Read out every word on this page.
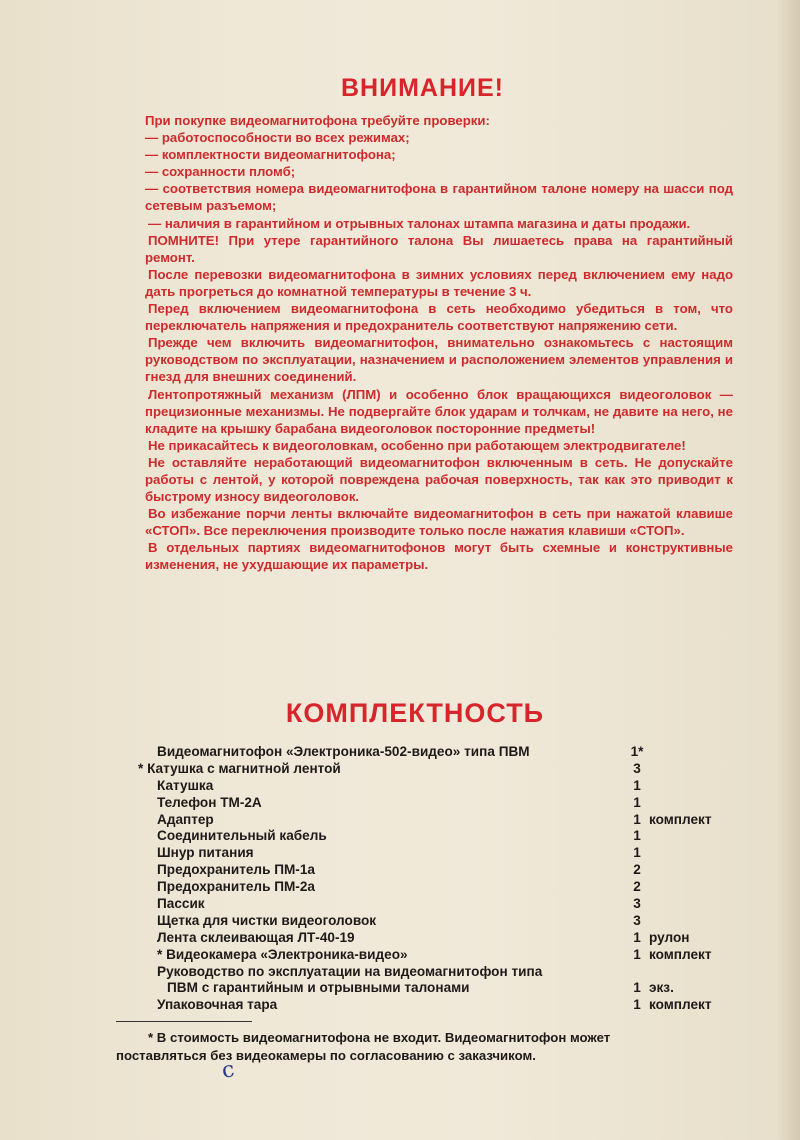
ВНИМАНИЕ!

При покупке видеомагнитофона требуйте проверки:

— работоспособности во всех режимах;

— комплектности видеомагнитофона;

— сохранности пломб;

— соответствия номера видеомагнитофона в гарантийном талоне номеру на шасси под сетевым разъемом;

— наличия в гарантийном и отрывных талонах штампа магазина и даты продажи.

ПОМНИТЕ! При утере гарантийного талона Вы лишаетесь права на гарантийный ремонт.

После перевозки видеомагнитофона в зимних условиях перед включением ему надо дать прогреться до комнатной температуры в течение 3 ч.

Перед включением видеомагнитофона в сеть необходимо убедиться в том, что переключатель напряжения и предохранитель соответствуют напряжению сети.

Прежде чем включить видеомагнитофон, внимательно ознакомьтесь с настоящим руководством по эксплуатации, назначением и расположением элементов управления и гнезд для внешних соединений.

Лентопротяжный механизм (ЛПМ) и особенно блок вращающихся видеоголовок — прецизионные механизмы. Не подвергайте блок ударам и толчкам, не давите на него, не кладите на крышку барабана видеоголовок посторонние предметы!

Не прикасайтесь к видеоголовкам, особенно при работающем электродвигателе!

Не оставляйте неработающий видеомагнитофон включенным в сеть. Не допускайте работы с лентой, у которой повреждена рабочая поверхность, так как это приводит к быстрому износу видеоголовок.

Во избежание порчи ленты включайте видеомагнитофон в сеть при нажатой клавише «СТОП». Все переключения производите только после нажатия клавиши «СТОП».

В отдельных партиях видеомагнитофонов могут быть схемные и конструктивные изменения, не ухудшающие их параметры.

КОМПЛЕКТНОСТЬ
Видеомагнитофон «Электроника-502-видео» типа ПВМ	1*
* Катушка с магнитной лентой	3
Катушка	1
Телефон ТМ-2А	1
Адаптер	1 комплект
Соединительный кабель	1
Шнур питания	1
Предохранитель ПМ-1а	2
Предохранитель ПМ-2а	2
Пассик	3
Щетка для чистки видеоголовок	3
Лента склеивающая ЛТ-40-19	1 рулон
* Видеокамера «Электроника-видео»	1 комплект
Руководство по эксплуатации на видеомагнитофон типа
ПВМ с гарантийным и отрывными талонами	1 экз.
Упаковочная тара	1 комплект

* В стоимость видеомагнитофона не входит. Видеомагнитофон может

поставляться без видеокамеры по согласованию с заказчиком.

с
